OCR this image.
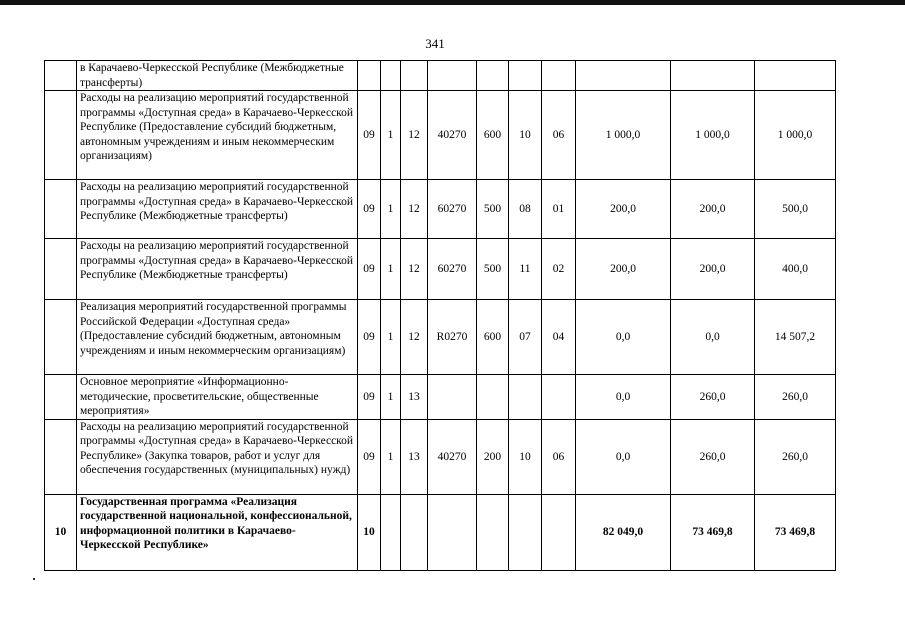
341
	в Карачаево-Черкесской Республике (Межбюджетные трансферты)										
	Расходы на реализацию мероприятий государственной программы «Доступная среда» в Карачаево-Черкесской Республике (Предоставление субсидий бюджетным, автономным учреждениям и иным некоммерческим организациям)	09	1	12	40270	600	10	06	1 000,0	1 000,0	1 000,0
	Расходы на реализацию мероприятий государственной программы «Доступная среда» в Карачаево-Черкесской Республике (Межбюджетные трансферты)	09	1	12	60270	500	08	01	200,0	200,0	500,0
	Расходы на реализацию мероприятий государственной программы «Доступная среда» в Карачаево-Черкесской Республике (Межбюджетные трансферты)	09	1	12	60270	500	11	02	200,0	200,0	400,0
	Реализация мероприятий государственной программы Российской Федерации «Доступная среда» (Предоставление субсидий бюджетным, автономным учреждениям и иным некоммерческим организациям)	09	1	12	R0270	600	07	04	0,0	0,0	14 507,2
	Основное мероприятие «Информационно-методические, просветительские, общественные мероприятия»	09	1	13					0,0	260,0	260,0
	Расходы на реализацию мероприятий государственной программы «Доступная среда» в Карачаево-Черкесской Республике» (Закупка товаров, работ и услуг для обеспечения государственных (муниципальных) нужд)	09	1	13	40270	200	10	06	0,0	260,0	260,0
10	Государственная программа «Реализация государственной национальной, конфессиональной, информационной политики в Карачаево-Черкесской Республике»	10							82 049,0	73 469,8	73 469,8
